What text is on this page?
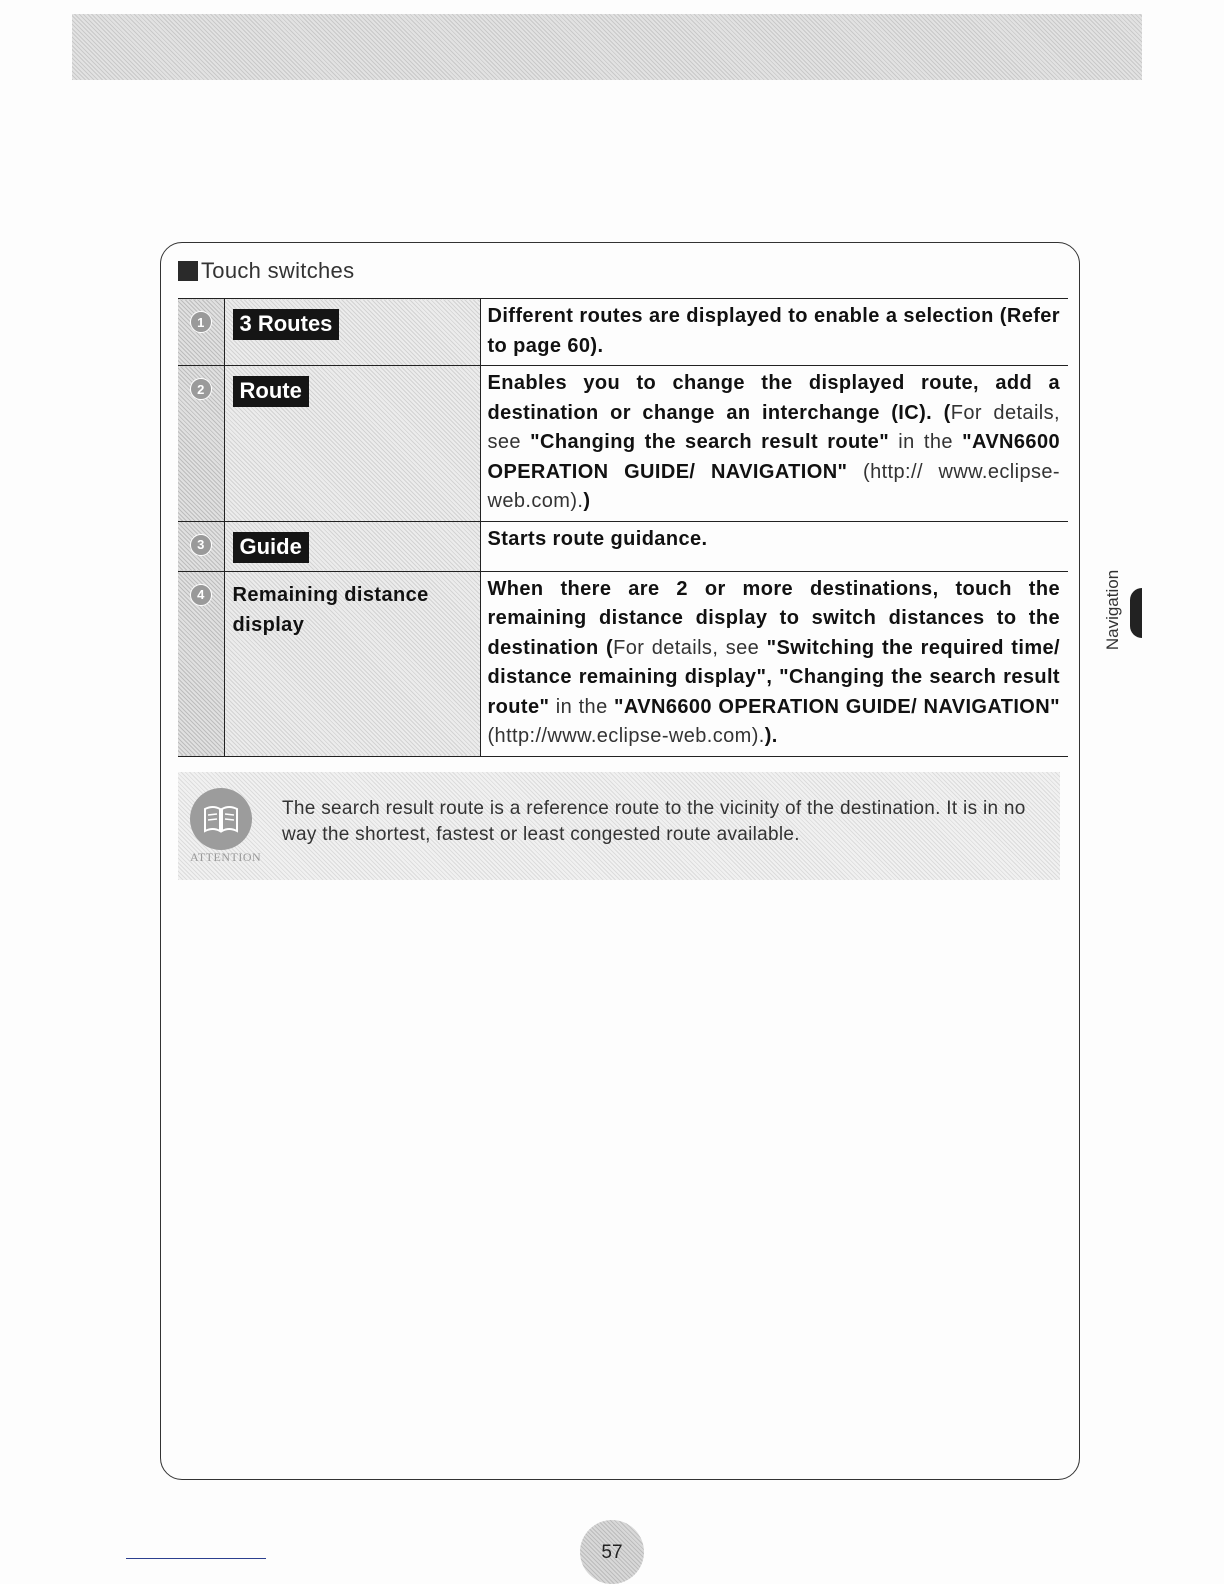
Touch switches
1	3 Routes	Different routes are displayed to enable a selection (Refer to page 60).
2	Route	Enables you to change the displayed route, add a destination or change an interchange (IC). (For details, see "Changing the search result route" in the "AVN6600 OPERATION GUIDE/ NAVIGATION" (http:// www.eclipse-web.com).)
3	Guide	Starts route guidance.
4	Remaining distance display	When there are 2 or more destinations, touch the remaining distance display to switch distances to the destination (For details, see "Switching the required time/ distance remaining display", "Changing the search result route" in the "AVN6600 OPERATION GUIDE/ NAVIGATION" (http://www.eclipse-web.com).).
ATTENTION
The search result route is a reference route to the vicinity of the destination. It is in no way the shortest, fastest or least congested route available.
Navigation
57
